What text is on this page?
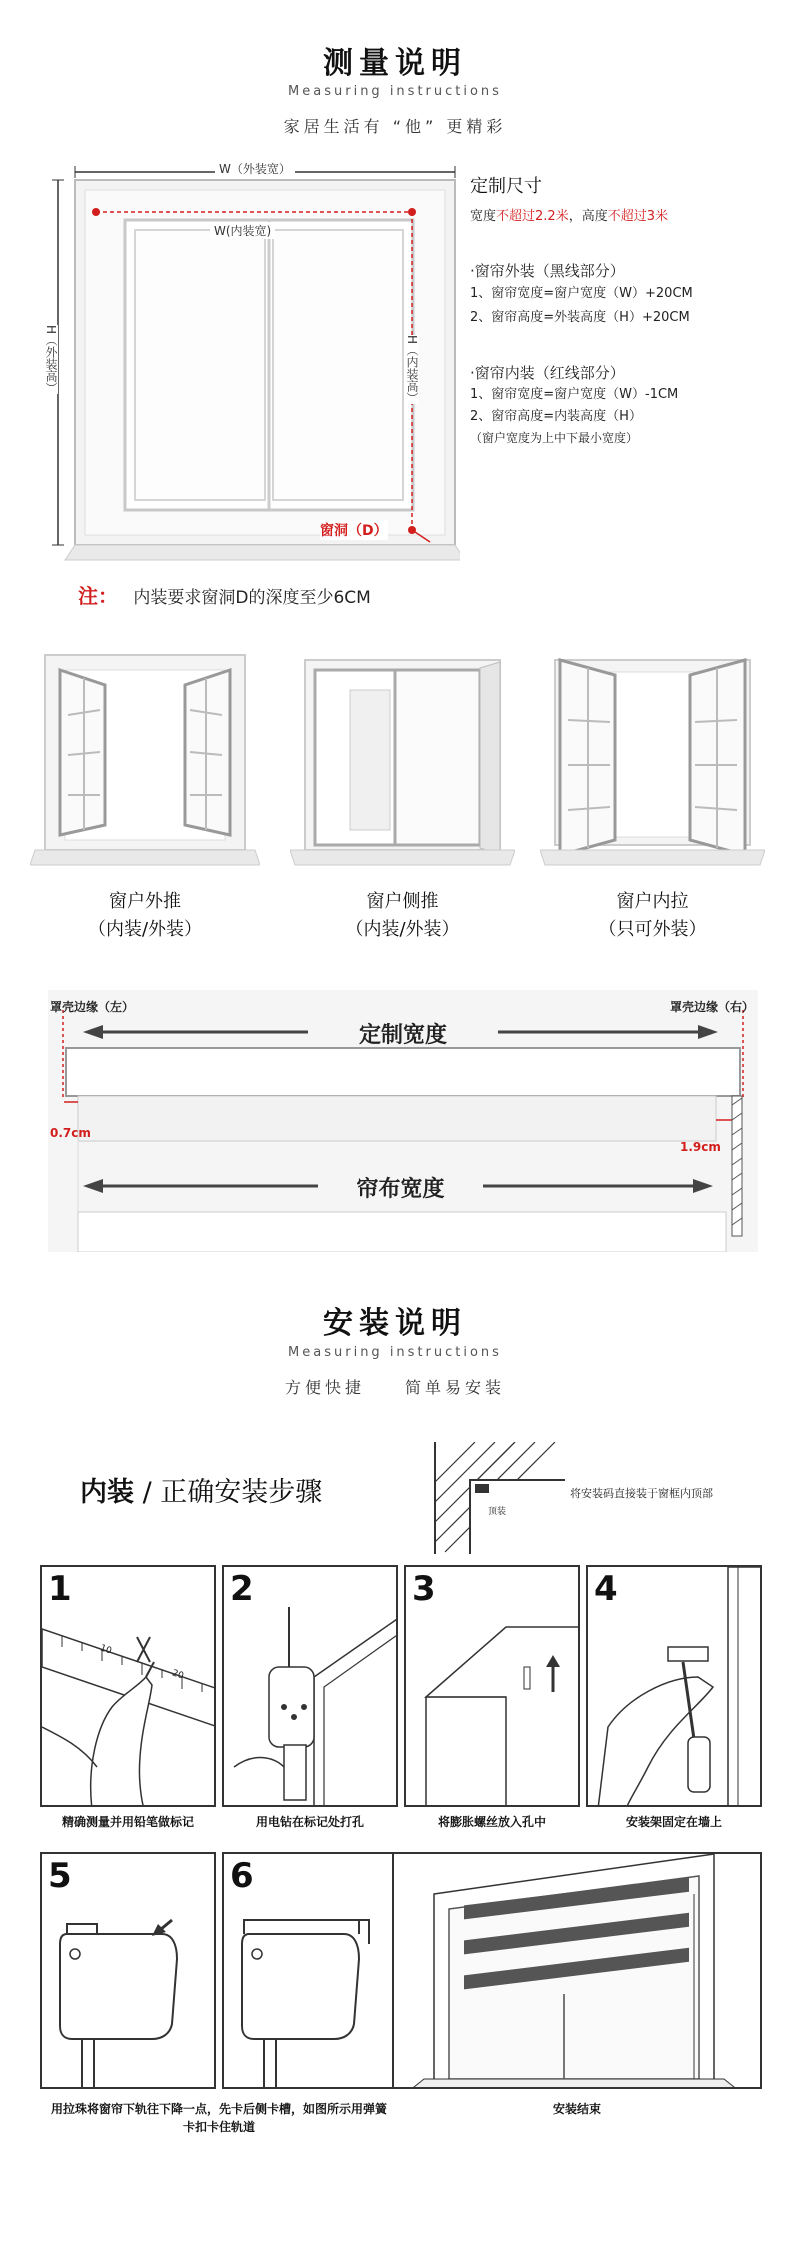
测量说明
Measuring instructions
家居生活有 “他” 更精彩
W（外装宽）
W(内装宽)
H（外装高）	H（内装高）
窗洞（D）
定制尺寸
宽度不超过2.2米，高度不超过3米
·窗帘外装（黑线部分）
1、窗帘宽度=窗户宽度（W）+20CM
2、窗帘高度=外装高度（H）+20CM
·窗帘内装（红线部分）
1、窗帘宽度=窗户宽度（W）-1CM
2、窗帘高度=内装高度（H）
（窗户宽度为上中下最小宽度）
注： 内装要求窗洞D的深度至少6CM
窗户外推
（内装/外装）
窗户侧推
（内装/外装）
窗户内拉
（只可外装）
罩壳边缘（左）	罩壳边缘（右）
定制宽度
0.7cm
1.9cm
帘布宽度
安装说明
Measuring instructions
方便快捷　　简单易安装
内装 / 正确安装步骤
顶装
将安装码直接装于窗框内顶部
1
10
20
2	3	4
精确测量并用铅笔做标记	用电钻在标记处打孔	将膨胀螺丝放入孔中	安装架固定在墙上
5	6
用拉珠将窗帘下轨往下降一点，先卡后侧卡槽，如图所示用弹簧卡扣卡住轨道
安装结束
